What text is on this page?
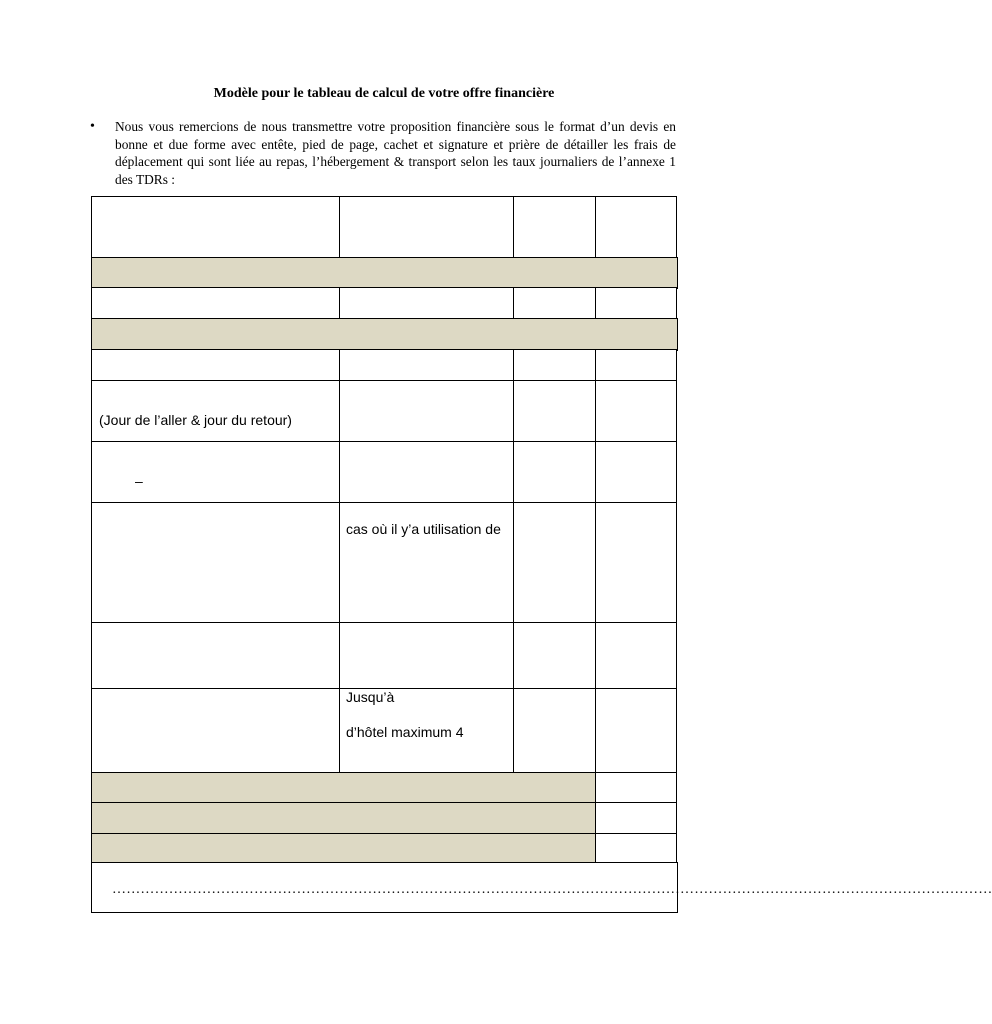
Modèle pour le tableau de calcul de votre offre financière
• Nous vous remercions de nous transmettre votre proposition financière sous le format d’un devis en bonne et due forme avec entête, pied de page, cachet et signature et prière de détailler les frais de déplacement qui sont liée au repas, l’hébergement & transport selon les taux journaliers de l’annexe 1 des TDRs :
(Jour de l’aller & jour du retour)
–
cas où il y’a utilisation de
Jusqu’à
d’hôtel maximum 4
……………………………………………………………………………………………………………………………………………………………………
